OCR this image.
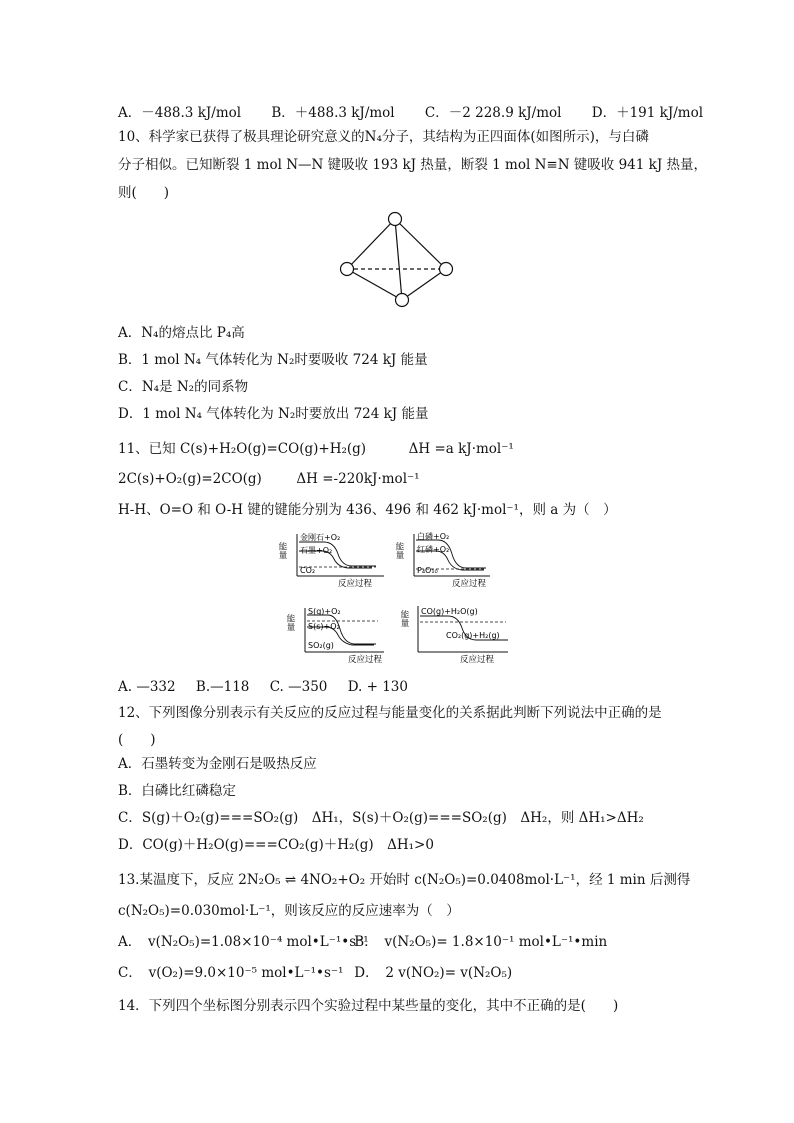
A．－488.3 kJ/mol B．＋488.3 kJ/mol C．－2 228.9 kJ/mol D．＋191 kJ/mol
10、科学家已获得了极具理论研究意义的N₄分子，其结构为正四面体(如图所示)，与白磷
分子相似。已知断裂 1 mol N—N 键吸收 193 kJ 热量，断裂 1 mol N≡N 键吸收 941 kJ 热量，
则(　　)
A．N₄的熔点比 P₄高
B．1 mol N₄ 气体转化为 N₂时要吸收 724 kJ 能量
C．N₄是 N₂的同系物
D．1 mol N₄ 气体转化为 N₂时要放出 724 kJ 能量
11、已知 C(s)+H₂O(g)=CO(g)+H₂(g)	ΔH =a kJ·mol⁻¹
2C(s)+O₂(g)=2CO(g)	ΔH =-220kJ·mol⁻¹
H-H、O=O 和 O-H 键的键能分别为 436、496 和 462 kJ·mol⁻¹，则 a 为（　）
能量
金刚石+O₂
石墨+O₂
CO₂
反应过程
能量
白磷+O₂
红磷+O₂
P₄O₁₀
反应过程
能量
S(g)+O₂
S(s)+O₂
SO₂(g)
反应过程
能量 CO(g)+H₂O(g)
CO₂(g)+H₂(g)
反应过程
A. —332 B.—118 C. —350 D. + 130
12、下列图像分别表示有关反应的反应过程与能量变化的关系据此判断下列说法中正确的是
(　　)
A．石墨转变为金刚石是吸热反应
B．白磷比红磷稳定
C．S(g)＋O₂(g)===SO₂(g)　ΔH₁，S(s)＋O₂(g)===SO₂(g)　ΔH₂，则 ΔH₁>ΔH₂
D．CO(g)＋H₂O(g)===CO₂(g)＋H₂(g)　ΔH₁>0
13.某温度下，反应 2N₂O₅ ⇌ 4NO₂+O₂ 开始时 c(N₂O₅)=0.0408mol·L⁻¹，经 1 min 后测得
c(N₂O₅)=0.030mol·L⁻¹，则该反应的反应速率为（　）
A．　v(N₂O₅)=1.08×10⁻⁴ mol•L⁻¹•s⁻¹ B．　v(N₂O₅)= 1.8×10⁻¹ mol•L⁻¹•min
C．　v(O₂)=9.0×10⁻⁵ mol•L⁻¹•s⁻¹ D．　2 v(NO₂)= v(N₂O₅)
14．下列四个坐标图分别表示四个实验过程中某些量的变化，其中不正确的是(　　)
